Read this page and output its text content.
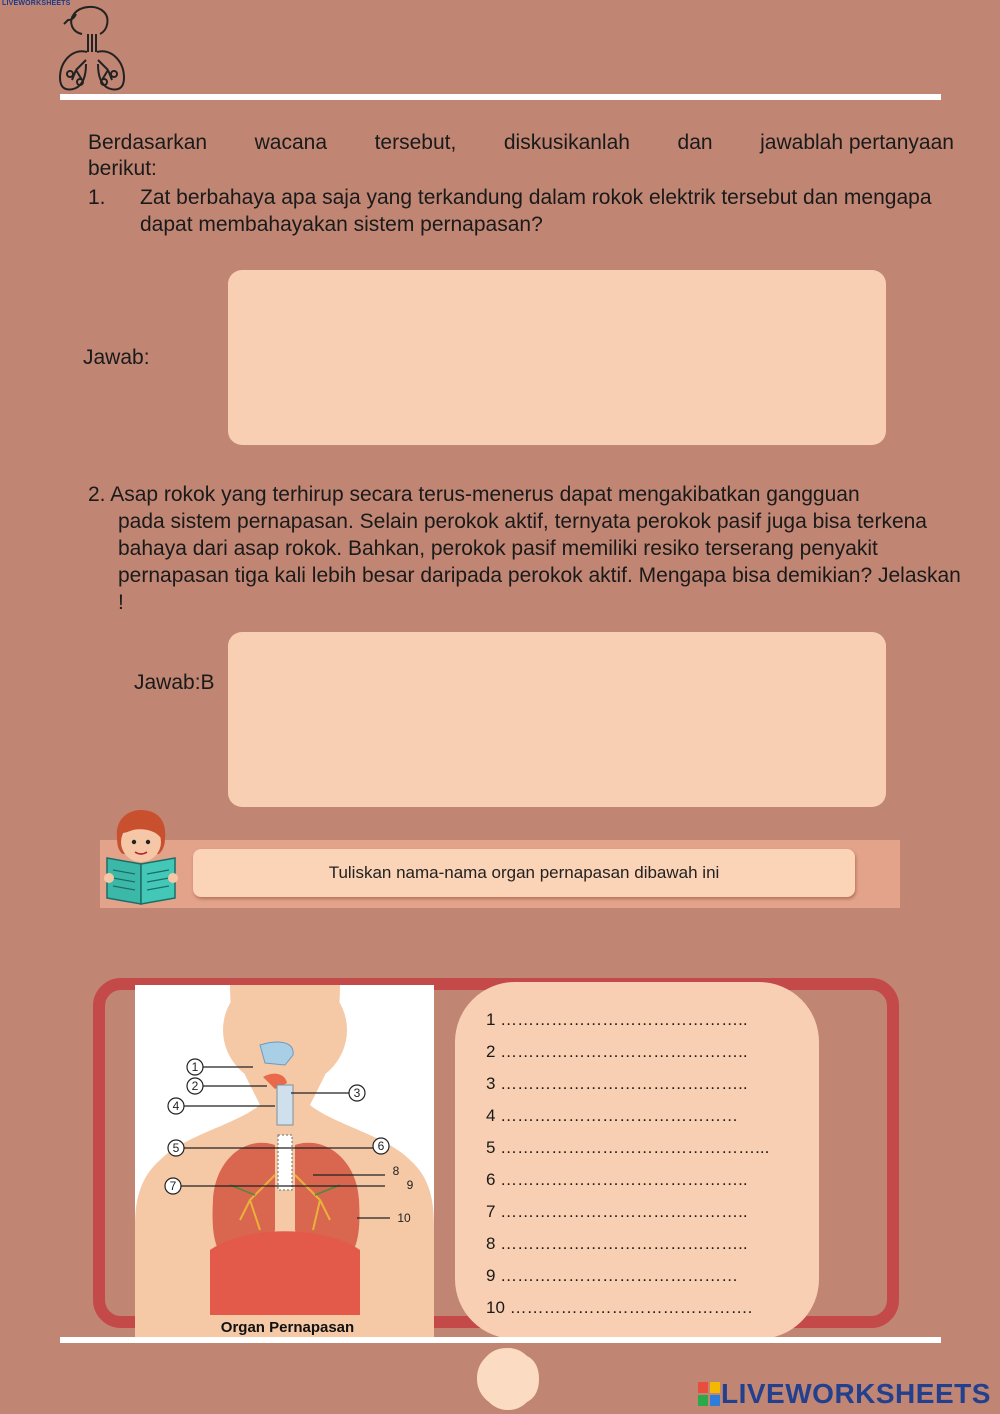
LIVEWORKSHEETS
Berdasarkan wacana tersebut, diskusikanlah dan jawablah pertanyaan
berikut:
1. Zat berbahaya apa saja yang terkandung dalam rokok elektrik tersebut dan mengapa dapat membahayakan sistem pernapasan?
Jawab:
2. Asap rokok yang terhirup secara terus-menerus dapat mengakibatkan gangguan
pada sistem pernapasan. Selain perokok aktif, ternyata perokok pasif juga bisa terkena bahaya dari asap rokok. Bahkan, perokok pasif memiliki resiko terserang penyakit pernapasan tiga kali lebih besar daripada perokok aktif. Mengapa bisa demikian? Jelaskan !
Jawab:B
Tuliskan nama-nama organ pernapasan dibawah ini
1
2	3
4
5	6
7
8
9
10
Organ Pernapasan
1 ……………………………………..
2 ……………………………………..
3 ……………………………………..
4 ……………………………………
5 ………………………………………...
6 ……………………………………..
7 ……………………………………..
8 ……………………………………..
9 ……………………………………
10 …………………………………….
LIVEWORKSHEETS
